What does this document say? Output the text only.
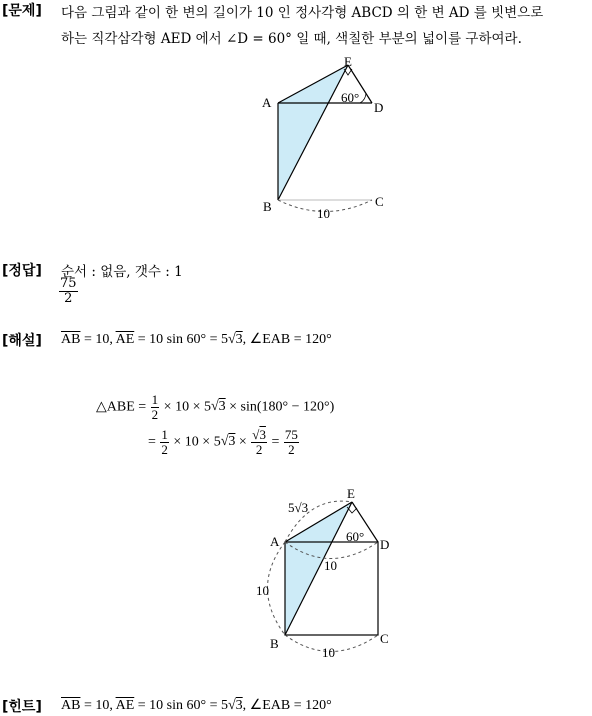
[문제] 다음 그림과 같이 한 변의 길이가 10 인 정사각형 ABCD 의 한 변 AD 를 빗변으로
하는 직각삼각형 AED 에서 ∠D = 60° 일 때, 색칠한 부분의 넓이를 구하여라.
E
A	D
B	C
60°
10
[정답] 순서 : 없음, 갯수 : 1
$\frac{75}{2}$
[해설] $\overline{AB} = 10$, $\overline{AE} = 10$ sin 60° = 5√3, ∠EAB = 120°
△ABE = $\frac{1}{2} \times 10 \times 5√3 \times \sin(180^\circ - 120^\circ)$
= $\frac{1}{2} \times 10 \times 5√3 \times \frac{√3}{2} = \frac{75}{2}$
E
A	D
B	C
60°
5√3
10
10
10
[힌트] $\overline{AB} = 10$, $\overline{AE} = 10$ sin 60° = 5√3, ∠EAB = 120°
